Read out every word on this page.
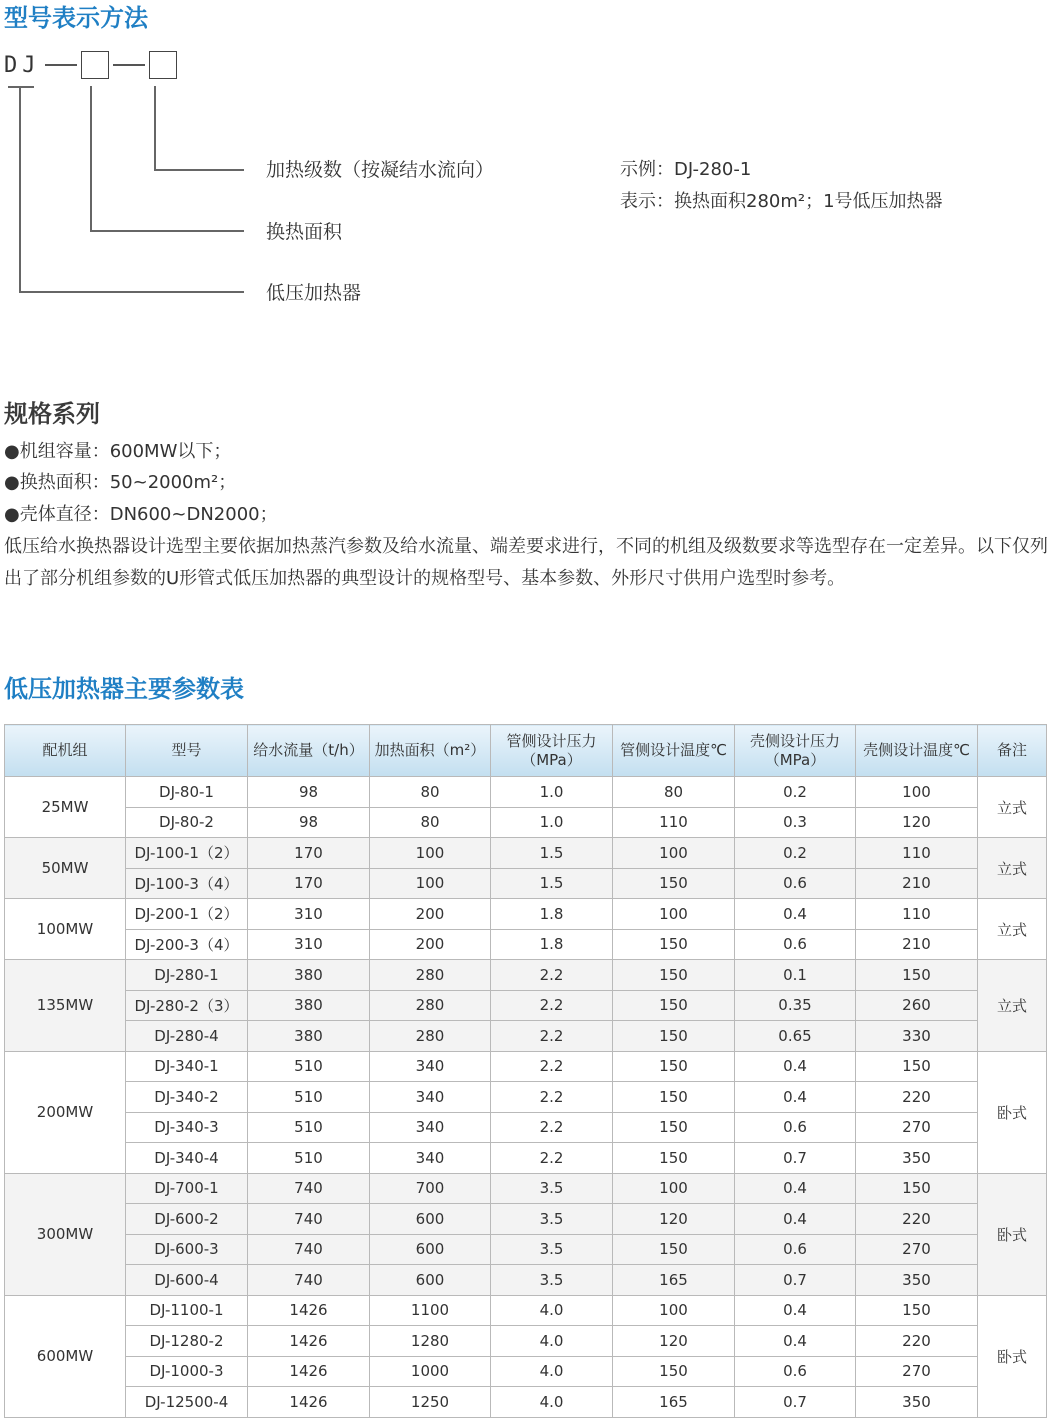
型号表示方法
DJ
加热级数（按凝结水流向）
换热面积
低压加热器
示例：DJ-280-1
表示：换热面积280m²；1号低压加热器
规格系列
●机组容量：600MW以下；
●换热面积：50~2000m²；
●壳体直径：DN600~DN2000；
低压给水换热器设计选型主要依据加热蒸汽参数及给水流量、端差要求进行，不同的机组及级数要求等选型存在一定差异。以下仅列出了部分机组参数的U形管式低压加热器的典型设计的规格型号、基本参数、外形尺寸供用户选型时参考。
低压加热器主要参数表
配机组	型号	给水流量（t/h）	加热面积（m²）	管侧设计压力（MPa）	管侧设计温度℃	壳侧设计压力（MPa）	壳侧设计温度℃	备注
25MW	DJ-80-1	98	80	1.0	80	0.2	100	立式
	DJ-80-2	98	80	1.0	110	0.3	120	
50MW	DJ-100-1（2）	170	100	1.5	100	0.2	110	立式
	DJ-100-3（4）	170	100	1.5	150	0.6	210	
100MW	DJ-200-1（2）	310	200	1.8	100	0.4	110	立式
	DJ-200-3（4）	310	200	1.8	150	0.6	210	
135MW	DJ-280-1	380	280	2.2	150	0.1	150	立式
	DJ-280-2（3）	380	280	2.2	150	0.35	260	
	DJ-280-4	380	280	2.2	150	0.65	330	
200MW	DJ-340-1	510	340	2.2	150	0.4	150	卧式
	DJ-340-2	510	340	2.2	150	0.4	220	
	DJ-340-3	510	340	2.2	150	0.6	270	
	DJ-340-4	510	340	2.2	150	0.7	350	
300MW	DJ-700-1	740	700	3.5	100	0.4	150	卧式
	DJ-600-2	740	600	3.5	120	0.4	220	
	DJ-600-3	740	600	3.5	150	0.6	270	
	DJ-600-4	740	600	3.5	165	0.7	350	
600MW	DJ-1100-1	1426	1100	4.0	100	0.4	150	卧式
	DJ-1280-2	1426	1280	4.0	120	0.4	220	
	DJ-1000-3	1426	1000	4.0	150	0.6	270	
	DJ-12500-4	1426	1250	4.0	165	0.7	350	
